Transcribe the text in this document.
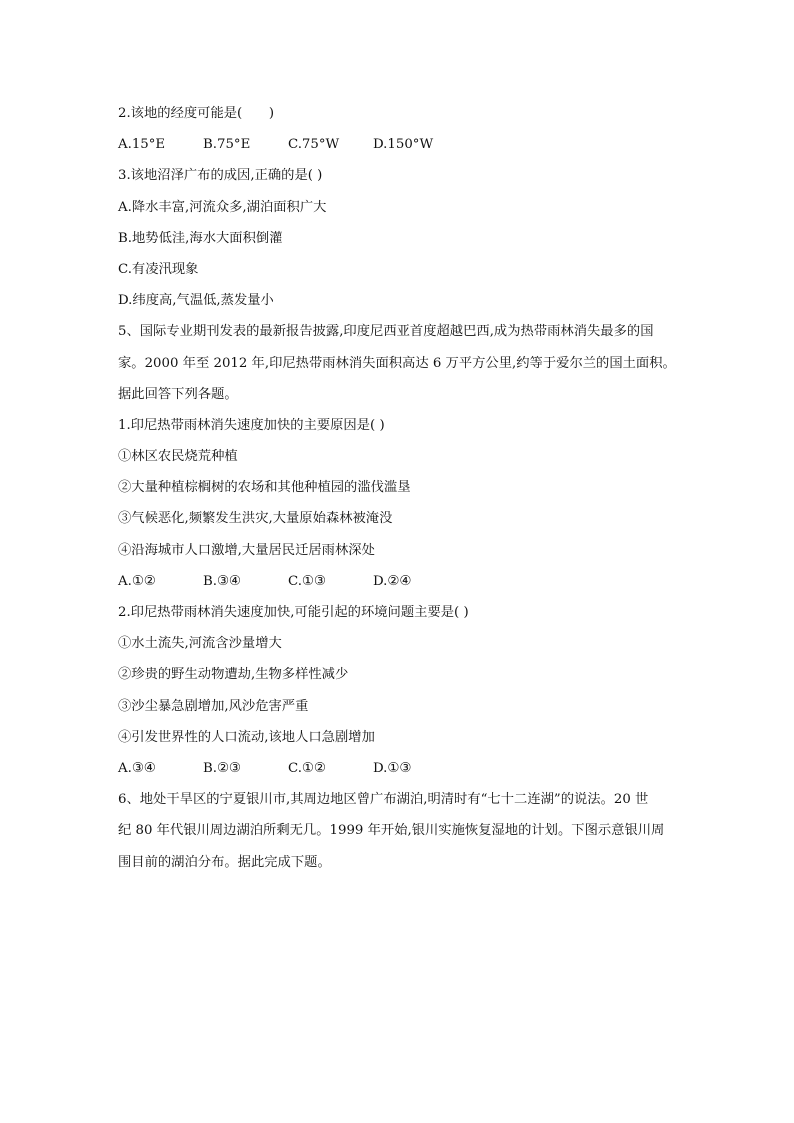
2.该地的经度可能是(　　)
A.15°E	B.75°E	C.75°W	D.150°W
3.该地沼泽广布的成因,正确的是( )
A.降水丰富,河流众多,湖泊面积广大
B.地势低洼,海水大面积倒灌
C.有凌汛现象
D.纬度高,气温低,蒸发量小
5、国际专业期刊发表的最新报告披露,印度尼西亚首度超越巴西,成为热带雨林消失最多的国
家。2000 年至 2012 年,印尼热带雨林消失面积高达 6 万平方公里,约等于爱尔兰的国土面积。
据此回答下列各题。
1.印尼热带雨林消失速度加快的主要原因是( )
①林区农民烧荒种植
②大量种植棕榈树的农场和其他种植园的滥伐滥垦
③气候恶化,频繁发生洪灾,大量原始森林被淹没
④沿海城市人口激增,大量居民迁居雨林深处
A.①②	B.③④	C.①③	D.②④
2.印尼热带雨林消失速度加快,可能引起的环境问题主要是( )
①水土流失,河流含沙量增大
②珍贵的野生动物遭劫,生物多样性减少
③沙尘暴急剧增加,风沙危害严重
④引发世界性的人口流动,该地人口急剧增加
A.③④	B.②③	C.①②	D.①③
6、地处干旱区的宁夏银川市,其周边地区曾广布湖泊,明清时有“七十二连湖”的说法。20 世
纪 80 年代银川周边湖泊所剩无几。1999 年开始,银川实施恢复湿地的计划。下图示意银川周
围目前的湖泊分布。据此完成下题。
